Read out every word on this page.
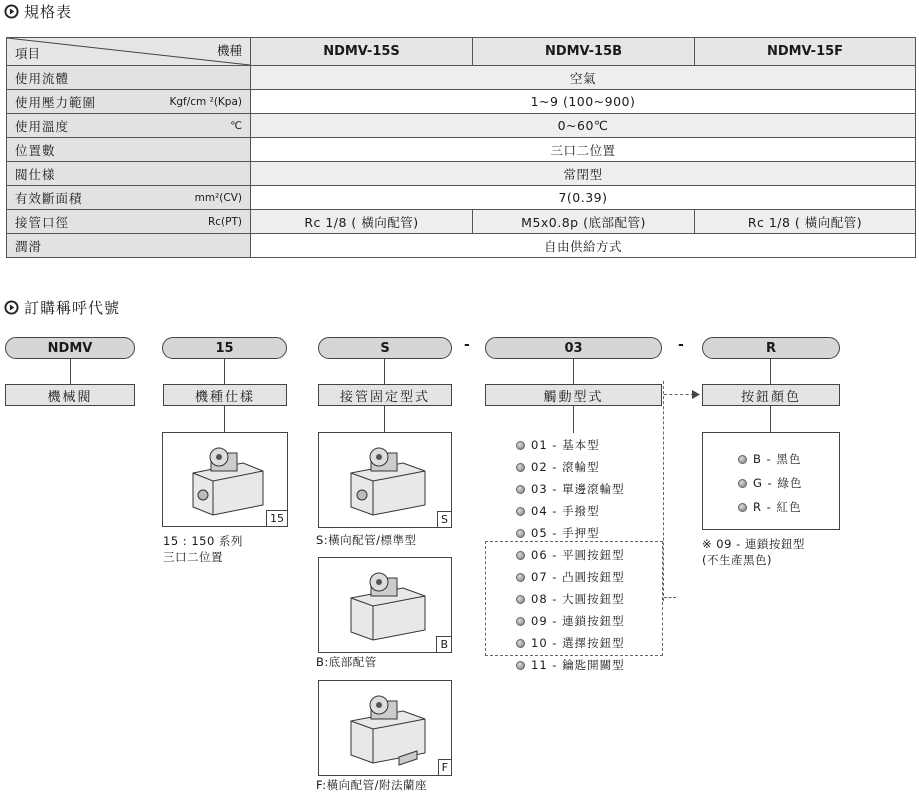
規格表
項目 機種	NDMV-15S	NDMV-15B	NDMV-15F
使用流體	空氣		
使用壓力範圍 Kgf/cm ²(Kpa)	1~9 (100~900)		
使用溫度 ℃	0~60℃		
位置數	三口二位置		
閥仕樣	常閉型		
有效斷面積 mm²(CV)	7(0.39)		
接管口徑 Rc(PT)	Rc 1/8 ( 橫向配管)	M5x0.8p (底部配管)	Rc 1/8 ( 橫向配管)
潤滑	自由供給方式		
訂購稱呼代號
NDMV	15	S	-	03	-	R
機械閥	機種仕樣	接管固定型式	觸動型式	按鈕顏色
15
15 : 150 系列
三口二位置
S
S:橫向配管/標準型
B
B:底部配管
F
F:橫向配管/附法蘭座
01 - 基本型
02 - 滾輪型
03 - 單邊滾輪型
04 - 手撥型
05 - 手押型
06 - 平圓按鈕型
07 - 凸圓按鈕型
08 - 大圓按鈕型
09 - 連鎖按鈕型
10 - 選擇按鈕型
11 - 鑰匙開關型
B - 黑色
G - 綠色
R - 紅色
※ 09 - 連鎖按鈕型
(不生產黑色)
